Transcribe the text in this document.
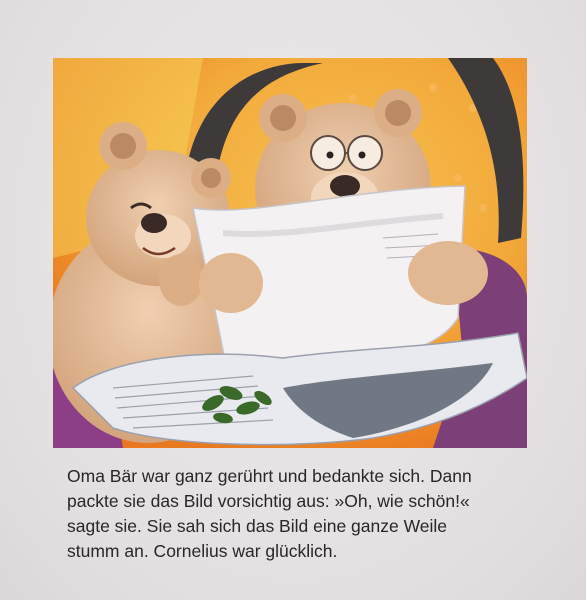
Oma Bär war ganz gerührt und bedankte sich. Dann
packte sie das Bild vorsichtig aus: »Oh, wie schön!«
sagte sie. Sie sah sich das Bild eine ganze Weile
stumm an. Cornelius war glücklich.
